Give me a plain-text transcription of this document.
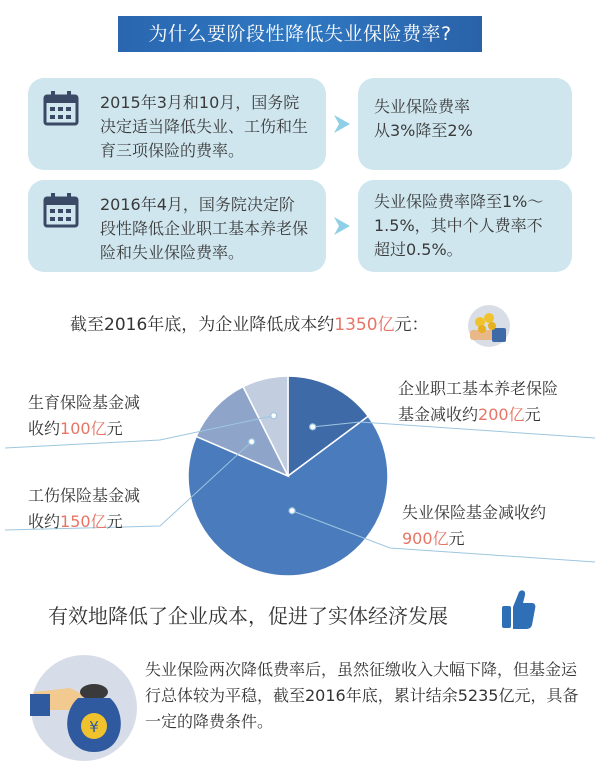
为什么要阶段性降低失业保险费率?
2015年3月和10月，国务院决定适当降低失业、工伤和生育三项保险的费率。
失业保险费率
从3%降至2%
2016年4月，国务院决定阶段性降低企业职工基本养老保险和失业保险费率。
失业保险费率降至1%～1.5%，其中个人费率不超过0.5%。
截至2016年底，为企业降低成本约1350亿元：
生育保险基金减
收约100亿元
工伤保险基金减
收约150亿元
企业职工基本养老保险
基金减收约200亿元
失业保险基金减收约
900亿元
有效地降低了企业成本，促进了实体经济发展
¥
失业保险两次降低费率后，虽然征缴收入大幅下降，但基金运行总体较为平稳，截至2016年底，累计结余5235亿元，具备一定的降费条件。
